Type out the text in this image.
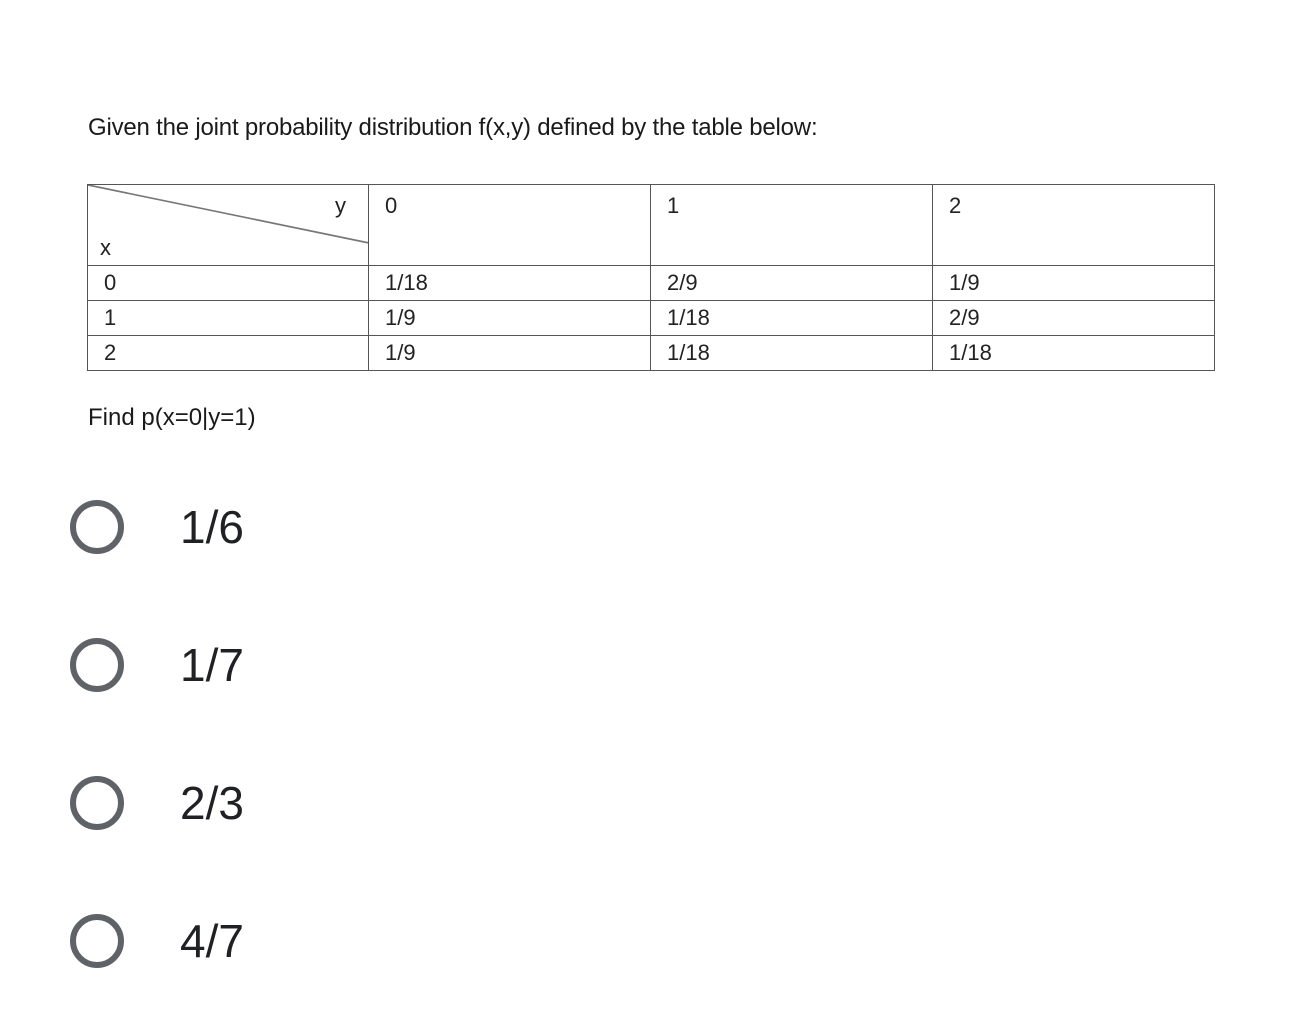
Given the joint probability distribution f(x,y) defined by the table below:
y
x	0	1	2
0	1/18	2/9	1/9
1	1/9	1/18	2/9
2	1/9	1/18	1/18
Find p(x=0|y=1)
1/6
1/7
2/3
4/7
